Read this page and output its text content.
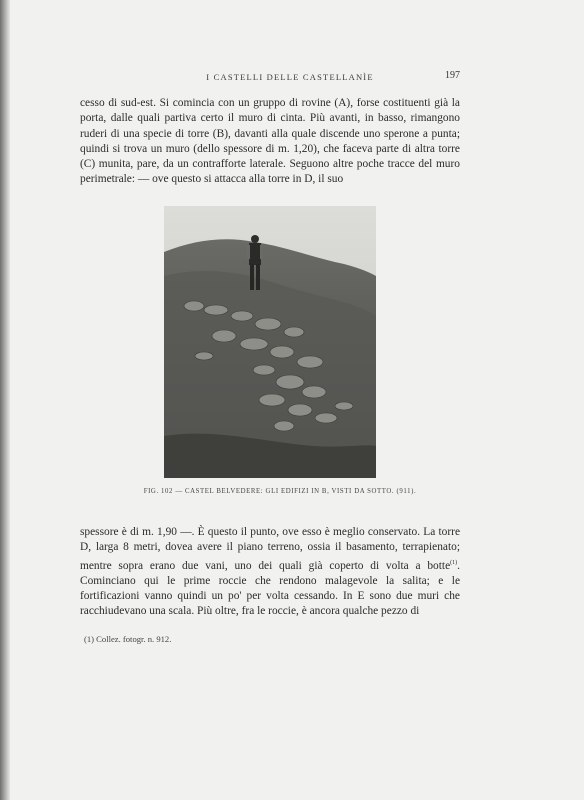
I CASTELLI DELLE CASTELLANÌE	197

cesso di sud-est. Si comincia con un gruppo di rovine (A), forse costituenti già la porta, dalle quali partiva certo il muro di cinta. Più avanti, in basso, rimangono ruderi di una specie di torre (B), davanti alla quale discende uno sperone a punta; quindi si trova un muro (dello spessore di m. 1,20), che faceva parte di altra torre (C) munita, pare, da un contrafforte laterale. Seguono altre poche tracce del muro perimetrale: — ove questo si attacca alla torre in D, il suo

FIG. 102 — CASTEL BELVEDERE: GLI EDIFIZI IN B, VISTI DA SOTTO. (911).

spessore è di m. 1,90 —. È questo il punto, ove esso è meglio conservato. La torre D, larga 8 metri, dovea avere il piano terreno, ossia il basamento, terrapienato; mentre sopra erano due vani, uno dei quali già coperto di volta a botte$^{(1)}$. Cominciano qui le prime roccie che rendono malagevole la salita; e le fortificazioni vanno quindi un po' per volta cessando. In E sono due muri che racchiudevano una scala. Più oltre, fra le roccie, è ancora qualche pezzo di

(1) Collez. fotogr. n. 912.
